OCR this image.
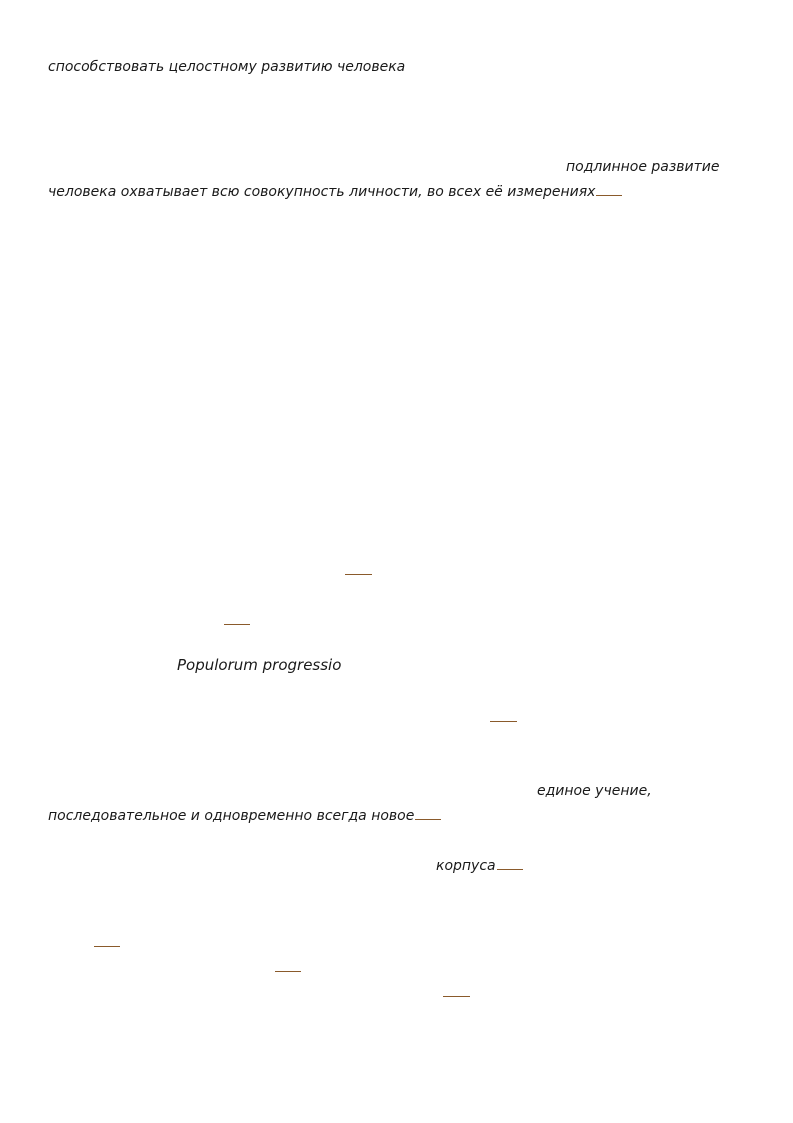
способствовать целостному развитию человека
подлинное развитие
человека охватывает всю совокупность личности, во всех её измерениях
Populorum progressio
единое учение,
последовательное и одновременно всегда новое
корпуса
